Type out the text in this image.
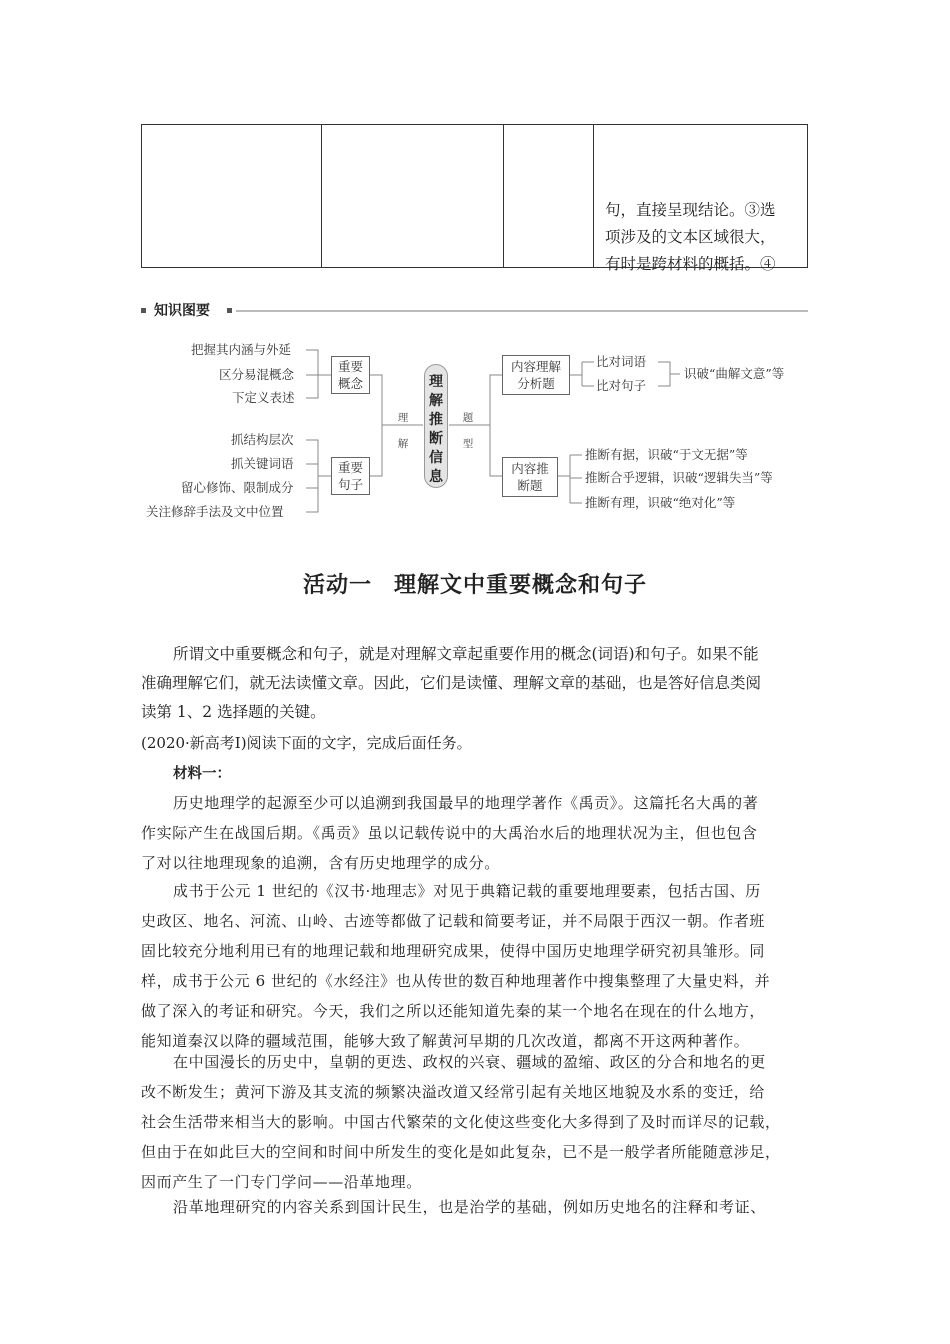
句，直接呈现结论。③选
项涉及的文本区域很大，
有时是跨材料的概括。④
知识图要
把握其内涵与外延
区分易混概念
下定义表述
重要
概念
抓结构层次
抓关键词语
留心修饰、限制成分
关注修辞手法及文中位置
重要
句子
理
解
题
型
理
解
推
断
信
息
内容理解
分析题
比对词语
比对句子
识破“曲解文意”等
内容推
断题
推断有据，识破“于文无据”等
推断合乎逻辑，识破“逻辑失当”等
推断有理，识破“绝对化”等
活动一 理解文中重要概念和句子
所谓文中重要概念和句子，就是对理解文章起重要作用的概念(词语)和句子。如果不能
准确理解它们，就无法读懂文章。因此，它们是读懂、理解文章的基础，也是答好信息类阅
读第 1、2 选择题的关键。
(2020·新高考Ⅰ)阅读下面的文字，完成后面任务。
材料一：
历史地理学的起源至少可以追溯到我国最早的地理学著作《禹贡》。这篇托名大禹的著
作实际产生在战国后期。《禹贡》虽以记载传说中的大禹治水后的地理状况为主，但也包含
了对以往地理现象的追溯，含有历史地理学的成分。
成书于公元 1 世纪的《汉书·地理志》对见于典籍记载的重要地理要素，包括古国、历
史政区、地名、河流、山岭、古迹等都做了记载和简要考证，并不局限于西汉一朝。作者班
固比较充分地利用已有的地理记载和地理研究成果，使得中国历史地理学研究初具雏形。同
样，成书于公元 6 世纪的《水经注》也从传世的数百种地理著作中搜集整理了大量史料，并
做了深入的考证和研究。今天，我们之所以还能知道先秦的某一个地名在现在的什么地方，
能知道秦汉以降的疆域范围，能够大致了解黄河早期的几次改道，都离不开这两种著作。
在中国漫长的历史中，皇朝的更迭、政权的兴衰、疆域的盈缩、政区的分合和地名的更
改不断发生；黄河下游及其支流的频繁决溢改道又经常引起有关地区地貌及水系的变迁，给
社会生活带来相当大的影响。中国古代繁荣的文化使这些变化大多得到了及时而详尽的记载，
但由于在如此巨大的空间和时间中所发生的变化是如此复杂，已不是一般学者所能随意涉足，
因而产生了一门专门学问——沿革地理。
沿革地理研究的内容关系到国计民生，也是治学的基础，例如历史地名的注释和考证、
